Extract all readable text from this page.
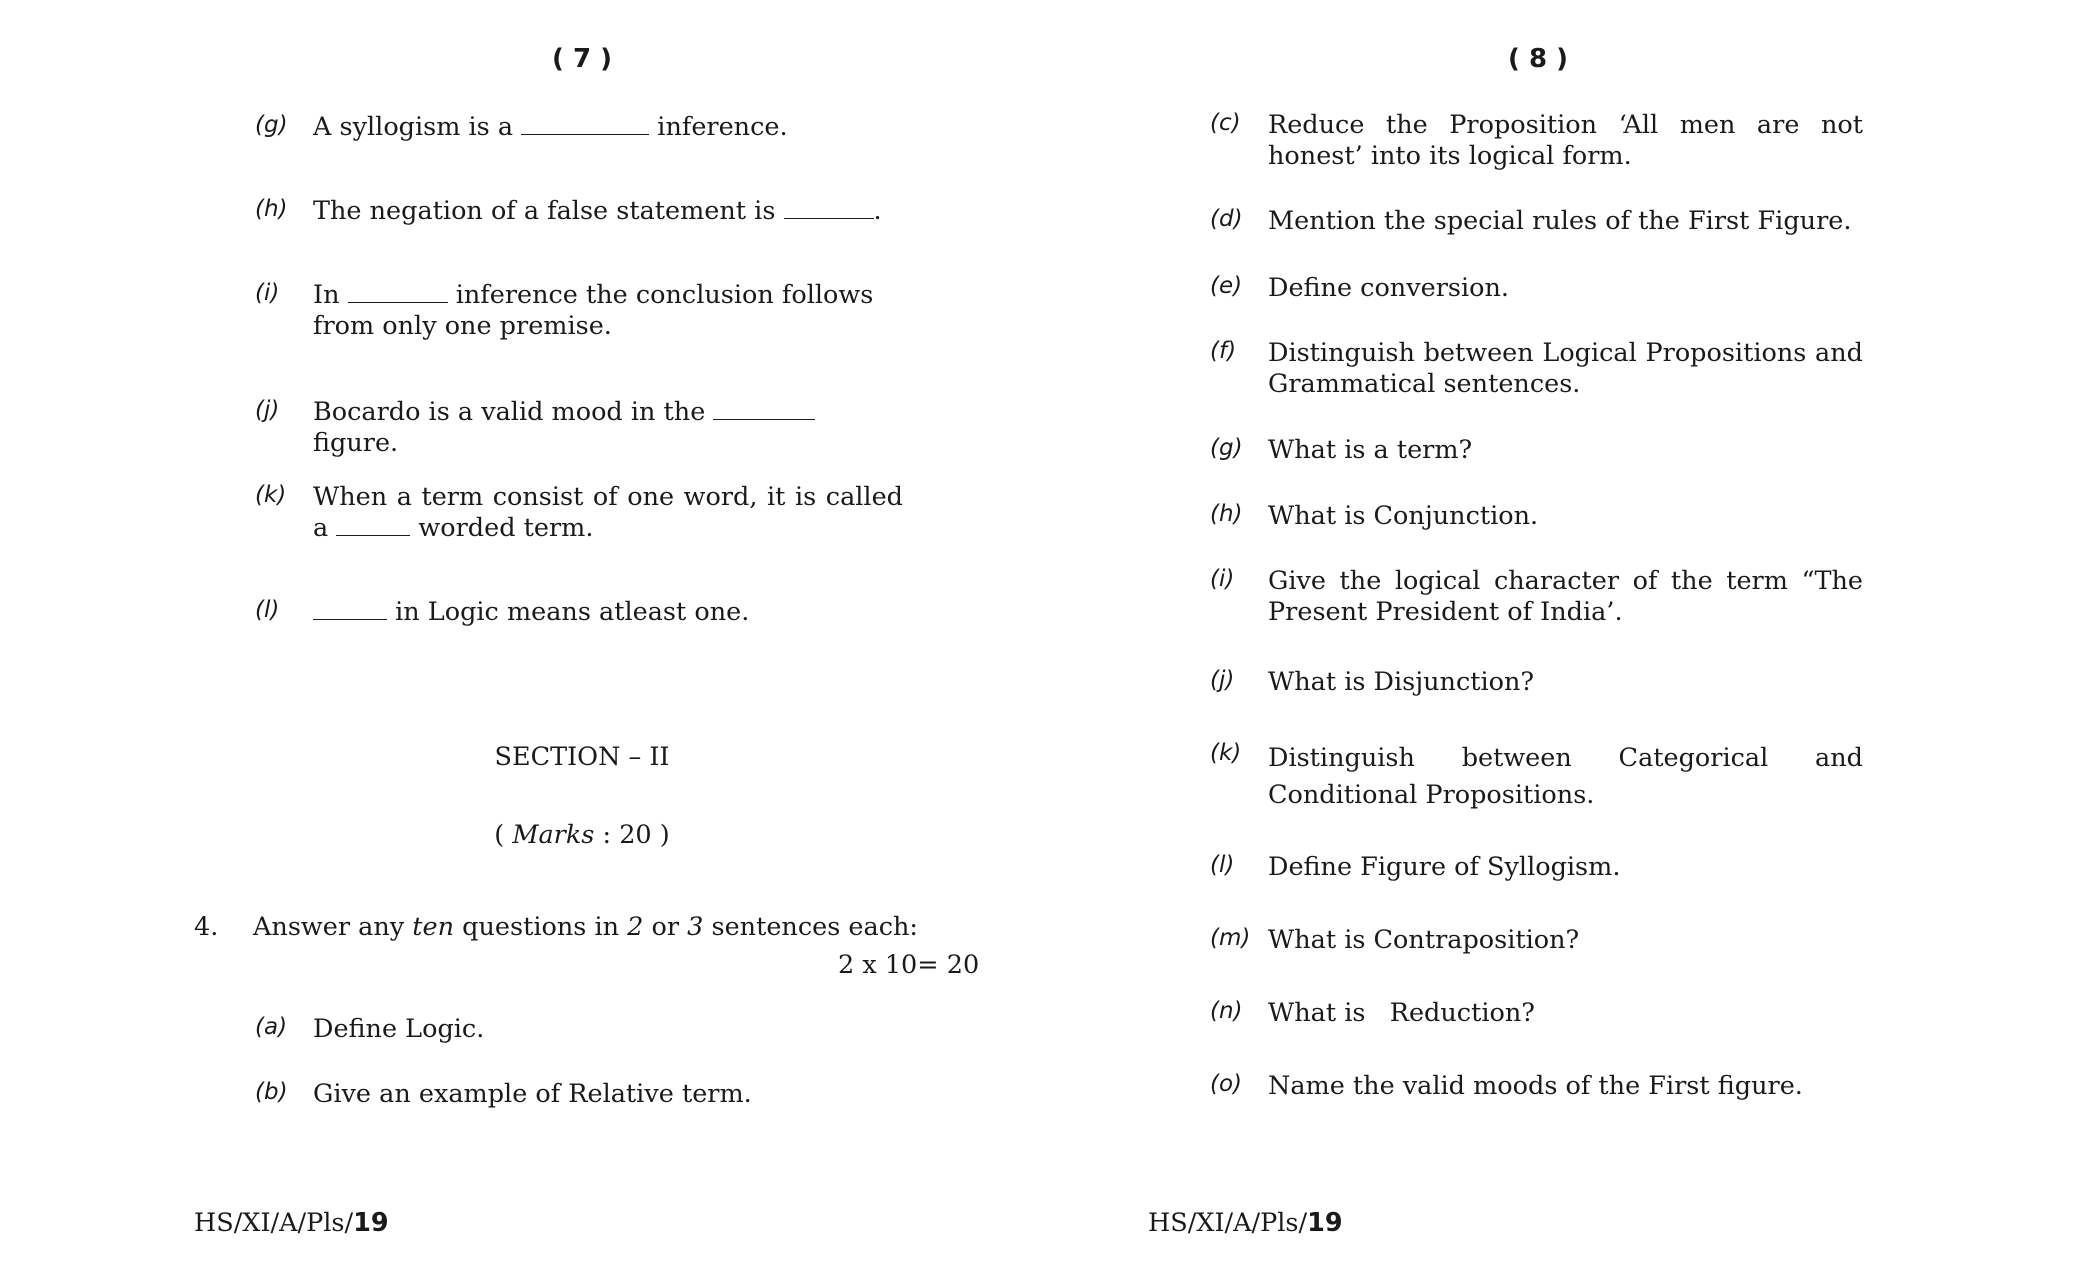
( 7 )
(g) A syllogism is a	inference.
(h) The negation of a false statement is	.
(i) In	inference the conclusion follows from only one premise.
(j) Bocardo is a valid mood in the  figure.
(k) When a term consist of one word, it is called a	worded term.
(l)	in Logic means atleast one.
SECTION – II
( Marks : 20 )
4. Answer any ten questions in 2 or 3 sentences each:
2 x 10= 20
(a) Define Logic.
(b) Give an example of Relative term.
HS/XI/A/Pls/19
( 8 )
(c) Reduce the Proposition ‘All men are not honest’ into its logical form.
(d) Mention the special rules of the First Figure.
(e) Define conversion.
(f) Distinguish between Logical Propositions and Grammatical sentences.
(g) What is a term?
(h) What is Conjunction.
(i) Give the logical character of the term “The Present President of India’.
(j) What is Disjunction?
(k) Distinguish between Categorical and Conditional Propositions.
(l) Define Figure of Syllogism.
(m) What is Contraposition?
(n) What is   Reduction?
(o) Name the valid moods of the First figure.
HS/XI/A/Pls/19
